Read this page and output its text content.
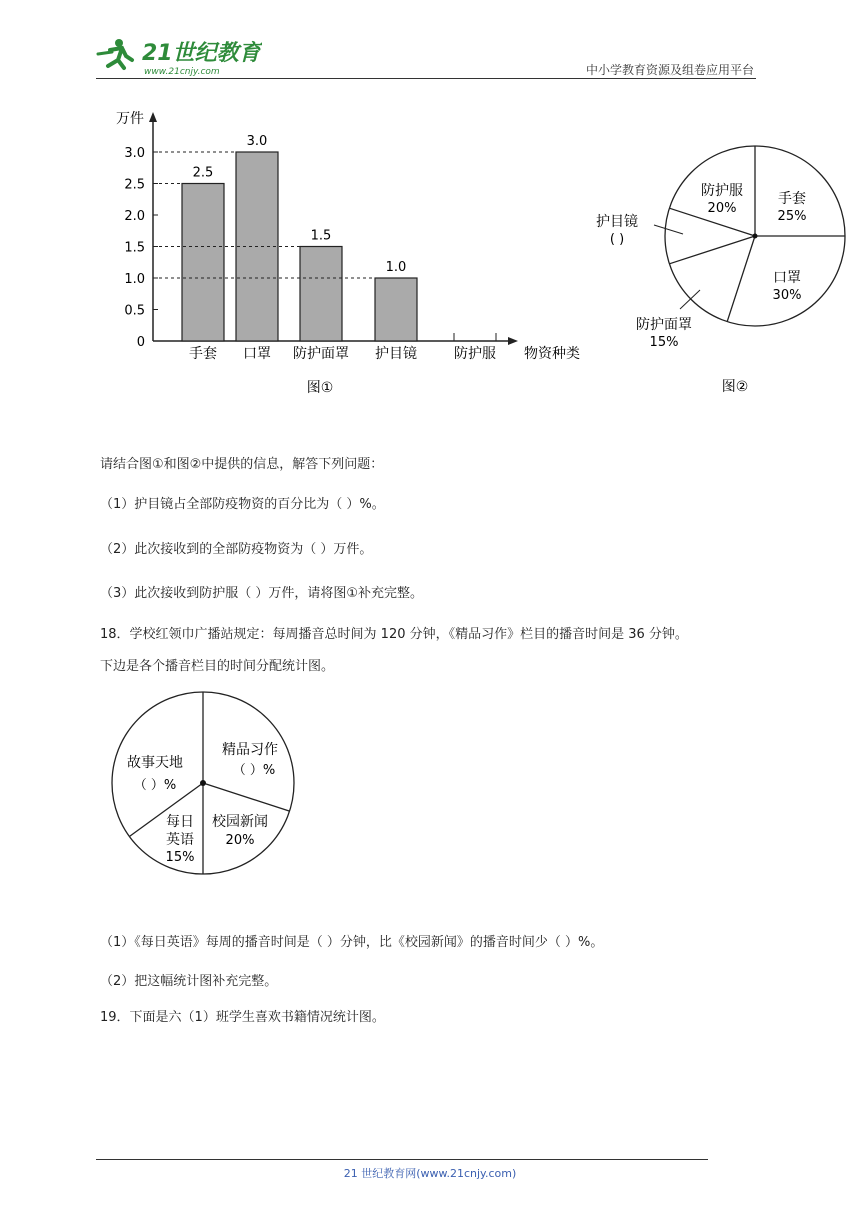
21世纪教育
www.21cnjy.com	中小学教育资源及组卷应用平台
万件
物资种类
0
0.5
1.0
1.5
2.0
2.5
3.0
手套
2.5
口罩
3.0
防护面罩
1.5
护目镜
1.0
防护服
图①
手套
25%
口罩
30%
防护服
20%
护目镜
( )
防护面罩
15%
图②
请结合图①和图②中提供的信息，解答下列问题：
（1）护目镜占全部防疫物资的百分比为（ ）%。
（2）此次接收到的全部防疫物资为（ ）万件。
（3）此次接收到防护服（ ）万件，请将图①补充完整。
18．学校红领巾广播站规定：每周播音总时间为 120 分钟，《精品习作》栏目的播音时间是 36 分钟。
下边是各个播音栏目的时间分配统计图。
精品习作
（ ）%
校园新闻
20%
每日
英语
15%
故事天地
（ ）%
（1）《每日英语》每周的播音时间是（ ）分钟，比《校园新闻》的播音时间少（ ）%。
（2）把这幅统计图补充完整。
19．下面是六（1）班学生喜欢书籍情况统计图。
21 世纪教育网(www.21cnjy.com)
